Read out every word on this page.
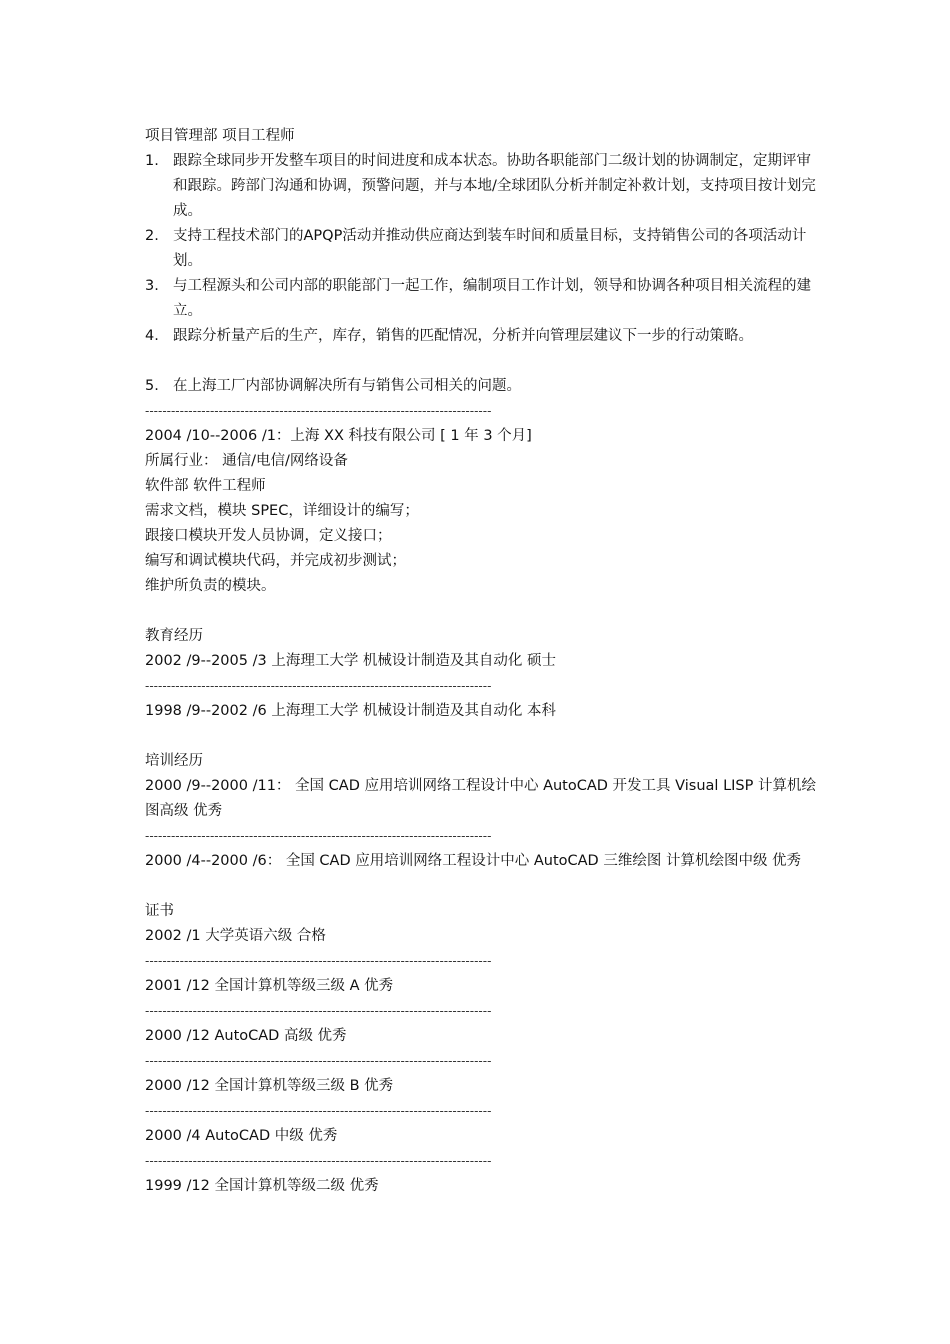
项目管理部 项目工程师
1. 跟踪全球同步开发整车项目的时间进度和成本状态。协助各职能部门二级计划的协调制定，定期评审和跟踪。跨部门沟通和协调，预警问题，并与本地/全球团队分析并制定补救计划，支持项目按计划完成。
2. 支持工程技术部门的APQP活动并推动供应商达到装车时间和质量目标，支持销售公司的各项活动计划。
3. 与工程源头和公司内部的职能部门一起工作，编制项目工作计划，领导和协调各种项目相关流程的建立。
4. 跟踪分析量产后的生产，库存，销售的匹配情况，分析并向管理层建议下一步的行动策略。
5. 在上海工厂内部协调解决所有与销售公司相关的问题。
--------------------------------------------------------------------------------
2004 /10--2006 /1：上海 XX 科技有限公司 [ 1 年 3 个月]
所属行业： 通信/电信/网络设备
软件部 软件工程师
需求文档，模块 SPEC，详细设计的编写；
跟接口模块开发人员协调，定义接口；
编写和调试模块代码，并完成初步测试；
维护所负责的模块。
教育经历
2002 /9--2005 /3 上海理工大学 机械设计制造及其自动化 硕士
--------------------------------------------------------------------------------
1998 /9--2002 /6 上海理工大学 机械设计制造及其自动化 本科
培训经历
2000 /9--2000 /11： 全国 CAD 应用培训网络工程设计中心 AutoCAD 开发工具 Visual LISP 计算机绘图高级 优秀
--------------------------------------------------------------------------------
2000 /4--2000 /6： 全国 CAD 应用培训网络工程设计中心 AutoCAD 三维绘图 计算机绘图中级 优秀
证书
2002 /1 大学英语六级 合格
--------------------------------------------------------------------------------
2001 /12 全国计算机等级三级 A 优秀
--------------------------------------------------------------------------------
2000 /12 AutoCAD 高级 优秀
--------------------------------------------------------------------------------
2000 /12 全国计算机等级三级 B 优秀
--------------------------------------------------------------------------------
2000 /4 AutoCAD 中级 优秀
--------------------------------------------------------------------------------
1999 /12 全国计算机等级二级 优秀
